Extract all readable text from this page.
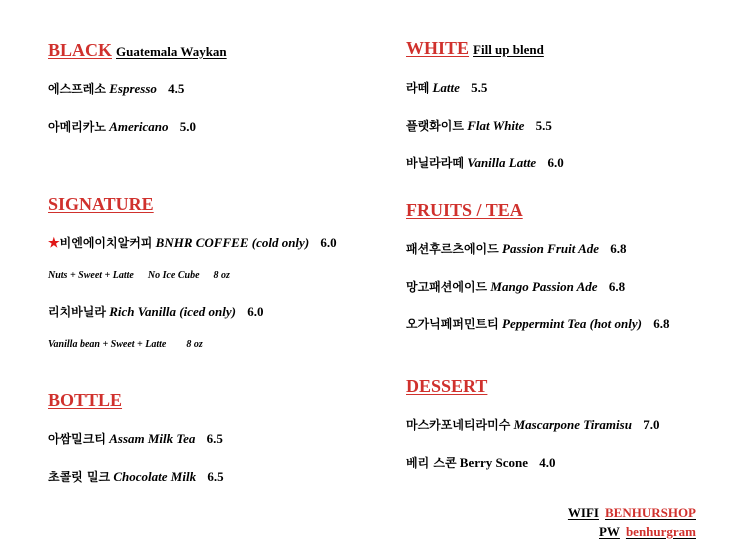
BLACK Guatemala Waykan
에스프레소 Espresso 4.5
아메리카노 Americano 5.0
SIGNATURE
★비엔에이치알커피 BNHR COFFEE (cold only) 6.0
Nuts + Sweet + Latte No Ice Cube 8 oz
리치바닐라 Rich Vanilla (iced only) 6.0
Vanilla bean + Sweet + Latte 8 oz
BOTTLE
아쌈밀크티 Assam Milk Tea 6.5
초콜릿 밀크 Chocolate Milk 6.5
WHITE Fill up blend
라떼 Latte 5.5
플랫화이트 Flat White 5.5
바닐라라떼 Vanilla Latte 6.0
FRUITS / TEA
패션후르츠에이드 Passion Fruit Ade 6.8
망고패션에이드 Mango Passion Ade 6.8
오가닉페퍼민트티 Peppermint Tea (hot only) 6.8
DESSERT
마스카포네티라미수 Mascarpone Tiramisu 7.0
베리 스콘 Berry Scone 4.0
WIFI BENHURSHOP
PW benhurgram
